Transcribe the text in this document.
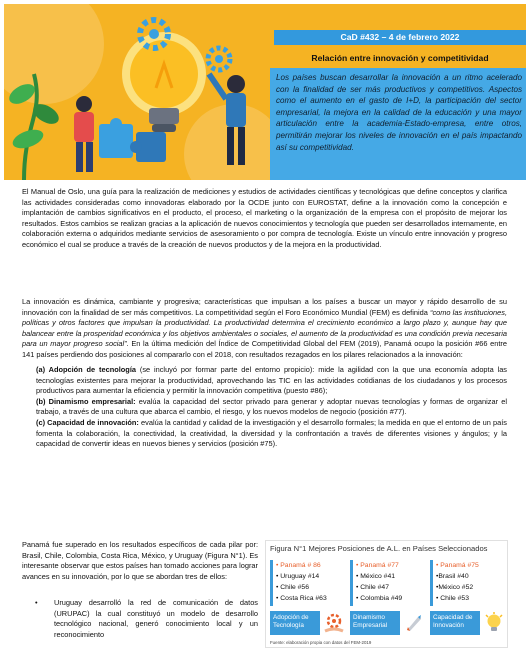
CaD #432 – 4 de febrero 2022
Relación entre innovación y competitividad

Los países buscan desarrollar la innovación a un ritmo acelerado con la finalidad de ser más productivos y competitivos. Aspectos como el aumento en el gasto de I+D, la participación del sector empresarial, la mejora en la calidad de la educación y una mayor articulación entre la academia-Estado-empresa, entre otros, permitirán mejorar los niveles de innovación en el país impactando así su competitividad.

El Manual de Oslo, una guía para la realización de mediciones y estudios de actividades científicas y tecnológicas que define conceptos y clarifica las actividades consideradas como innovadoras elaborado por la OCDE junto con EUROSTAT, define a la innovación como la concepción e implantación de cambios significativos en el producto, el proceso, el marketing o la organización de la empresa con el propósito de mejorar los resultados. Estos cambios se realizan gracias a la aplicación de nuevos conocimientos y tecnología que pueden ser desarrollados internamente, en colaboración externa o adquiridos mediante servicios de asesoramiento o por compra de tecnología. Existe un vínculo entre innovación y progreso económico el cual se produce a través de la creación de nuevos productos y de la mejora en la productividad.

La innovación es dinámica, cambiante y progresiva; características que impulsan a los países a buscar un mayor y rápido desarrollo de su innovación con la finalidad de ser más competitivos. La competitividad según el Foro Económico Mundial (FEM) es definida “como las instituciones, políticas y otros factores que impulsan la productividad. La productividad determina el crecimiento económico a largo plazo y, aunque hay que balancear entre la prosperidad económica y los objetivos ambientales o sociales, el aumento de la productividad es una condición previa necesaria para un mayor progreso social”. En la última medición del Índice de Competitividad Global del FEM (2019), Panamá ocupo la posición #66 entre 141 países perdiendo dos posiciones al compararlo con el 2018, con resultados rezagados en los pilares relacionados a la innovación:

(a) Adopción de tecnología (se incluyó por formar parte del entorno propicio): mide la agilidad con la que una economía adopta las tecnologías existentes para mejorar la productividad, aprovechando las TIC en las actividades cotidianas de los ciudadanos y los procesos productivos para aumentar la eficiencia y permitir la innovación competitiva (puesto #86);

(b) Dinamismo empresarial: evalúa la capacidad del sector privado para generar y adoptar nuevas tecnologías y formas de organizar el trabajo, a través de una cultura que abarca el cambio, el riesgo, y los nuevos modelos de negocio (posición #77).

(c) Capacidad de innovación: evalúa la cantidad y calidad de la investigación y el desarrollo formales; la medida en que el entorno de un país fomenta la colaboración, la conectividad, la creatividad, la diversidad y la confrontación a través de diferentes visiones y ángulos; y la capacidad de convertir ideas en nuevos bienes y servicios (posición #75).

Panamá fue superado en los resultados específicos de cada pilar por: Brasil, Chile, Colombia, Costa Rica, México, y Uruguay (Figura N°1). Es interesante observar que estos países han tomado acciones para lograr avances en su innovación, por lo que se abordan tres de ellos:

• Uruguay desarrolló la red de comunicación de datos (URUPAC) la cual constituyó un modelo de desarrollo tecnológico nacional, generó conocimiento local y un reconocimiento
Figura N°1 Mejores Posiciones de A.L. en Países Seleccionados
• Panamá # 86
• Uruguay #14
• Chile #56
• Costa Rica #63
• Panamá #77
• México #41
• Chile #47
• Colombia #49
• Panamá #75
•Brasil #40
•México #52
• Chile #53
Adopción de Tecnología
Dinamismo Empresarial
Capacidad de Innovación
Fuente: elaboración propia con datos del FEM-2019
